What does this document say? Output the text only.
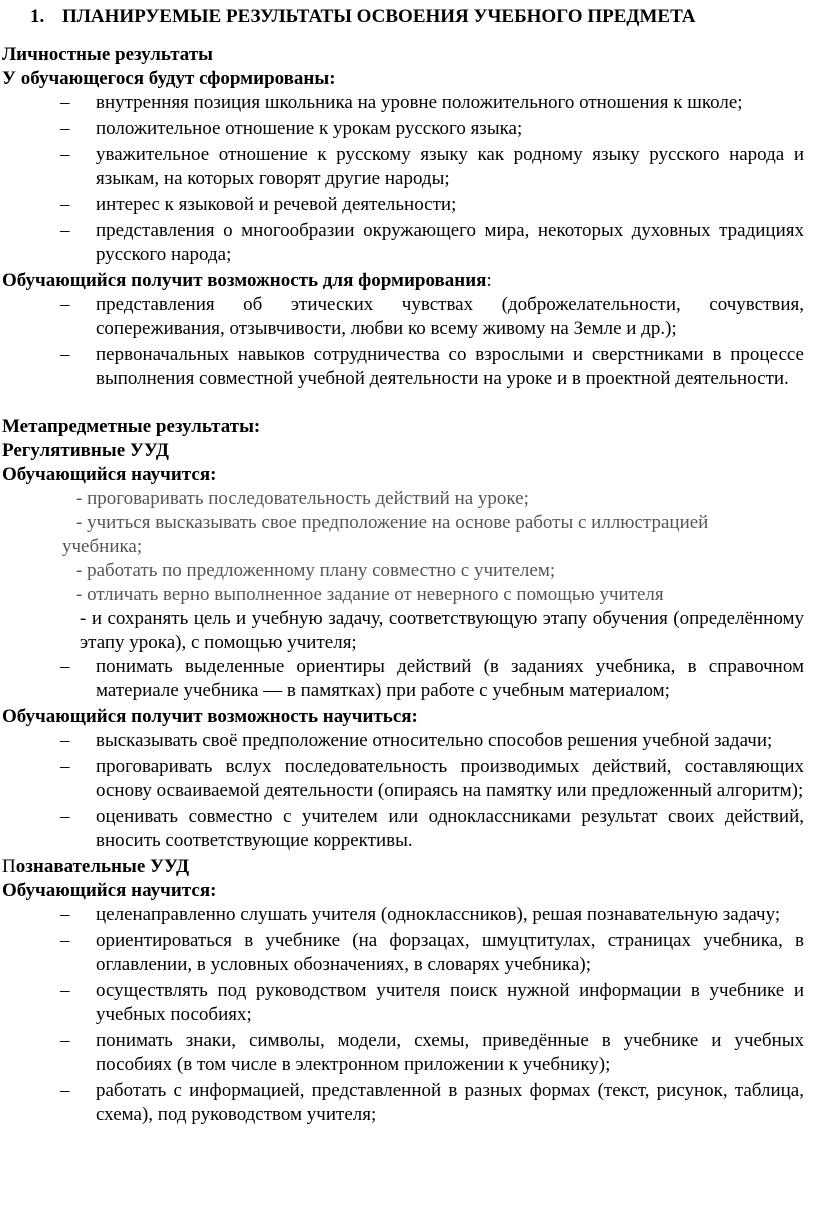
1. ПЛАНИРУЕМЫЕ РЕЗУЛЬТАТЫ ОСВОЕНИЯ УЧЕБНОГО ПРЕДМЕТА
Личностные результаты
У обучающегося будут сформированы:
– внутренняя позиция школьника на уровне положительного отношения к школе;
– положительное отношение к урокам русского языка;
– уважительное отношение к русскому языку как родному языку русского народа и языкам, на которых говорят другие народы;
– интерес к языковой и речевой деятельности;
– представления о многообразии окружающего мира, некоторых духовных традициях русского народа;
Обучающийся получит возможность для формирования:
– представления об этических чувствах (доброжелательности, сочувствия, сопереживания, отзывчивости, любви ко всему живому на Земле и др.);
– первоначальных навыков сотрудничества со взрослыми и сверстниками в процессе выполнения совместной учебной деятельности на уроке и в проектной деятельности.
Метапредметные результаты:
Регулятивные УУД
Обучающийся научится:
- проговаривать последовательность действий на уроке;
- учиться высказывать свое предположение на основе работы с иллюстрацией
учебника;
- работать по предложенному плану совместно с учителем;
- отличать верно выполненное задание от неверного с помощью учителя
- и сохранять цель и учебную задачу, соответствующую этапу обучения (определённому этапу урока), с помощью учителя;
– понимать выделенные ориентиры действий (в заданиях учебника, в справочном материале учебника — в памятках) при работе с учебным материалом;
Обучающийся получит возможность научиться:
– высказывать своё предположение относительно способов решения учебной задачи;
– проговаривать вслух последовательность производимых действий, составляющих основу осваиваемой деятельности (опираясь на памятку или предложенный алгоритм);
– оценивать совместно с учителем или одноклассниками результат своих действий, вносить соответствующие коррективы.
Познавательные УУД
Обучающийся научится:
– целенаправленно слушать учителя (одноклассников), решая познавательную задачу;
– ориентироваться в учебнике (на форзацах, шмуцтитулах, страницах учебника, в оглавлении, в условных обозначениях, в словарях учебника);
– осуществлять под руководством учителя поиск нужной информации в учебнике и учебных пособиях;
– понимать знаки, символы, модели, схемы, приведённые в учебнике и учебных пособиях (в том числе в электронном приложении к учебнику);
– работать с информацией, представленной в разных формах (текст, рисунок, таблица, схема), под руководством учителя;
